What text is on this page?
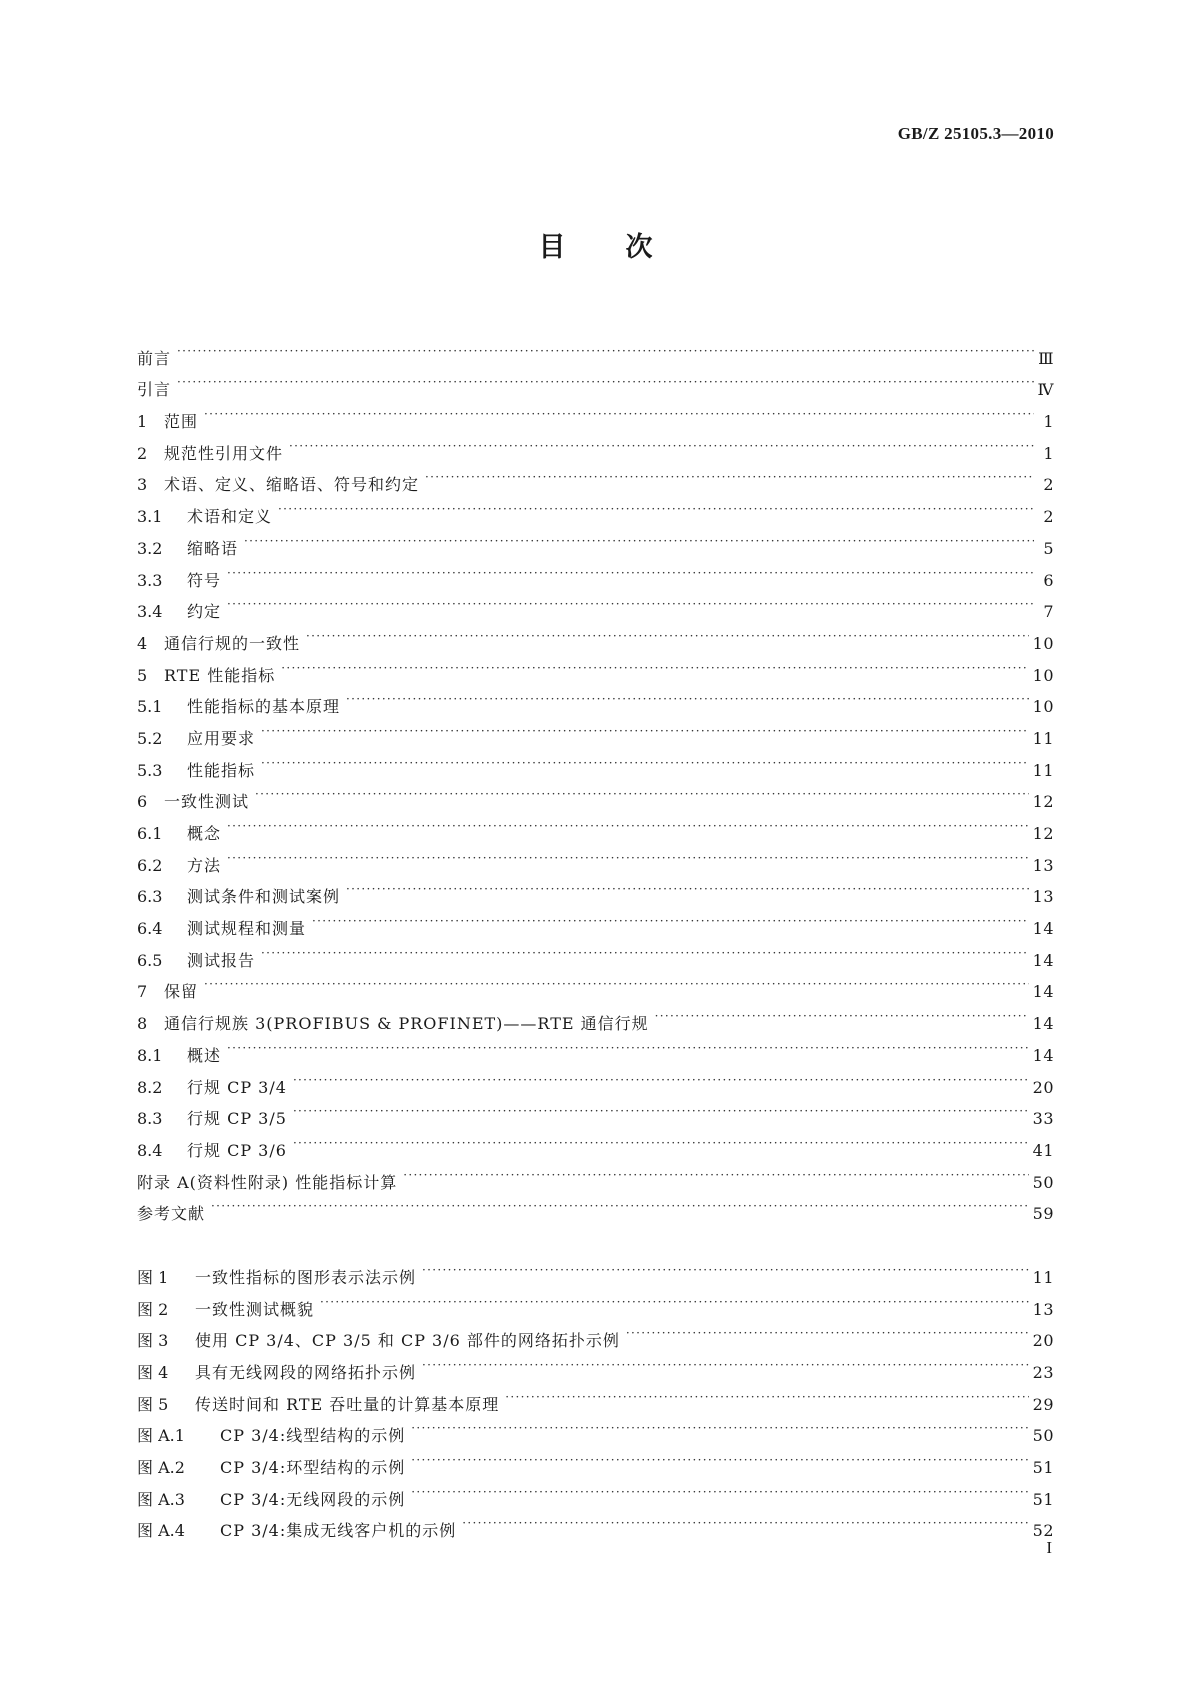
GB/Z 25105.3—2010
目 次
前言 ·····	Ⅲ
引言 ·····	Ⅳ
1	范围 ·····	1
2	规范性引用文件 ·····	1
3	术语、定义、缩略语、符号和约定 ·····	2
3.1	术语和定义 ·····	2
3.2	缩略语 ·····	5
3.3	符号 ·····	6
3.4	约定 ·····	7
4	通信行规的一致性 ·····	10
5	RTE 性能指标 ·····	10
5.1	性能指标的基本原理 ·····	10
5.2	应用要求 ·····	11
5.3	性能指标 ·····	11
6	一致性测试 ·····	12
6.1	概念 ·····	12
6.2	方法 ·····	13
6.3	测试条件和测试案例 ·····	13
6.4	测试规程和测量 ·····	14
6.5	测试报告 ·····	14
7	保留 ·····	14
8	通信行规族 3(PROFIBUS & PROFINET)——RTE 通信行规 ·····	14
8.1	概述 ·····	14
8.2	行规 CP 3/4 ·····	20
8.3	行规 CP 3/5 ·····	33
8.4	行规 CP 3/6 ·····	41
附录 A(资料性附录) 性能指标计算 ·····	50
参考文献 ·····	59
图 1	一致性指标的图形表示法示例 ·····	11
图 2	一致性测试概貌 ·····	13
图 3	使用 CP 3/4、CP 3/5 和 CP 3/6 部件的网络拓扑示例 ·····	20
图 4	具有无线网段的网络拓扑示例 ·····	23
图 5	传送时间和 RTE 吞吐量的计算基本原理 ·····	29
图 A.1	CP 3/4:线型结构的示例 ·····	50
图 A.2	CP 3/4:环型结构的示例 ·····	51
图 A.3	CP 3/4:无线网段的示例 ·····	51
图 A.4	CP 3/4:集成无线客户机的示例 ·····	52
I
